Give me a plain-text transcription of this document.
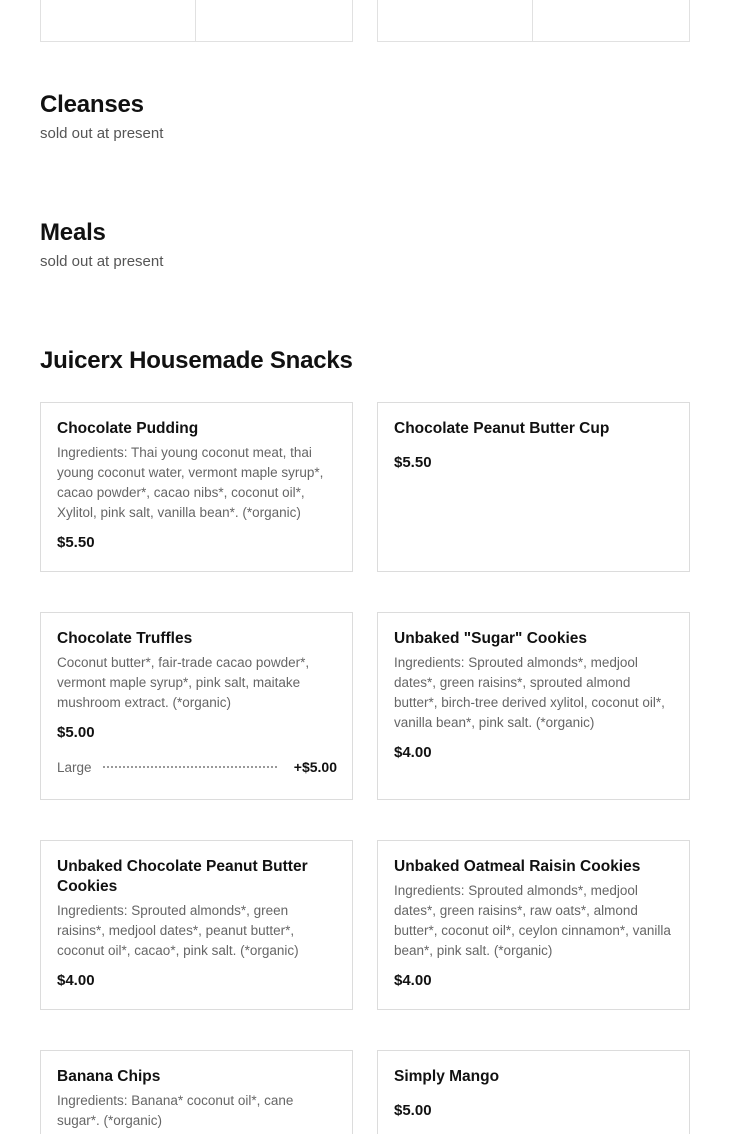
Cleanses

sold out at present

Meals

sold out at present

Juicerx Housemade Snacks
Chocolate Pudding
Ingredients: Thai young coconut meat, thai young coconut water, vermont maple syrup*, cacao powder*, cacao nibs*, coconut oil*, Xylitol, pink salt, vanilla bean*. (*organic)
$5.50
Chocolate Peanut Butter Cup
$5.50
Chocolate Truffles
Coconut butter*, fair-trade cacao powder*, vermont maple syrup*, pink salt, maitake mushroom extract. (*organic)
$5.00
Large	+$5.00
Unbaked "Sugar" Cookies
Ingredients: Sprouted almonds*, medjool dates*, green raisins*, sprouted almond butter*, birch-tree derived xylitol, coconut oil*, vanilla bean*, pink salt. (*organic)
$4.00
Unbaked Chocolate Peanut Butter Cookies
Ingredients: Sprouted almonds*, green raisins*, medjool dates*, peanut butter*, coconut oil*, cacao*, pink salt. (*organic)
$4.00
Unbaked Oatmeal Raisin Cookies
Ingredients: Sprouted almonds*, medjool dates*, green raisins*, raw oats*, almond butter*, coconut oil*, ceylon cinnamon*, vanilla bean*, pink salt. (*organic)
$4.00
Banana Chips
Ingredients: Banana* coconut oil*, cane sugar*. (*organic)
Simply Mango
$5.00
